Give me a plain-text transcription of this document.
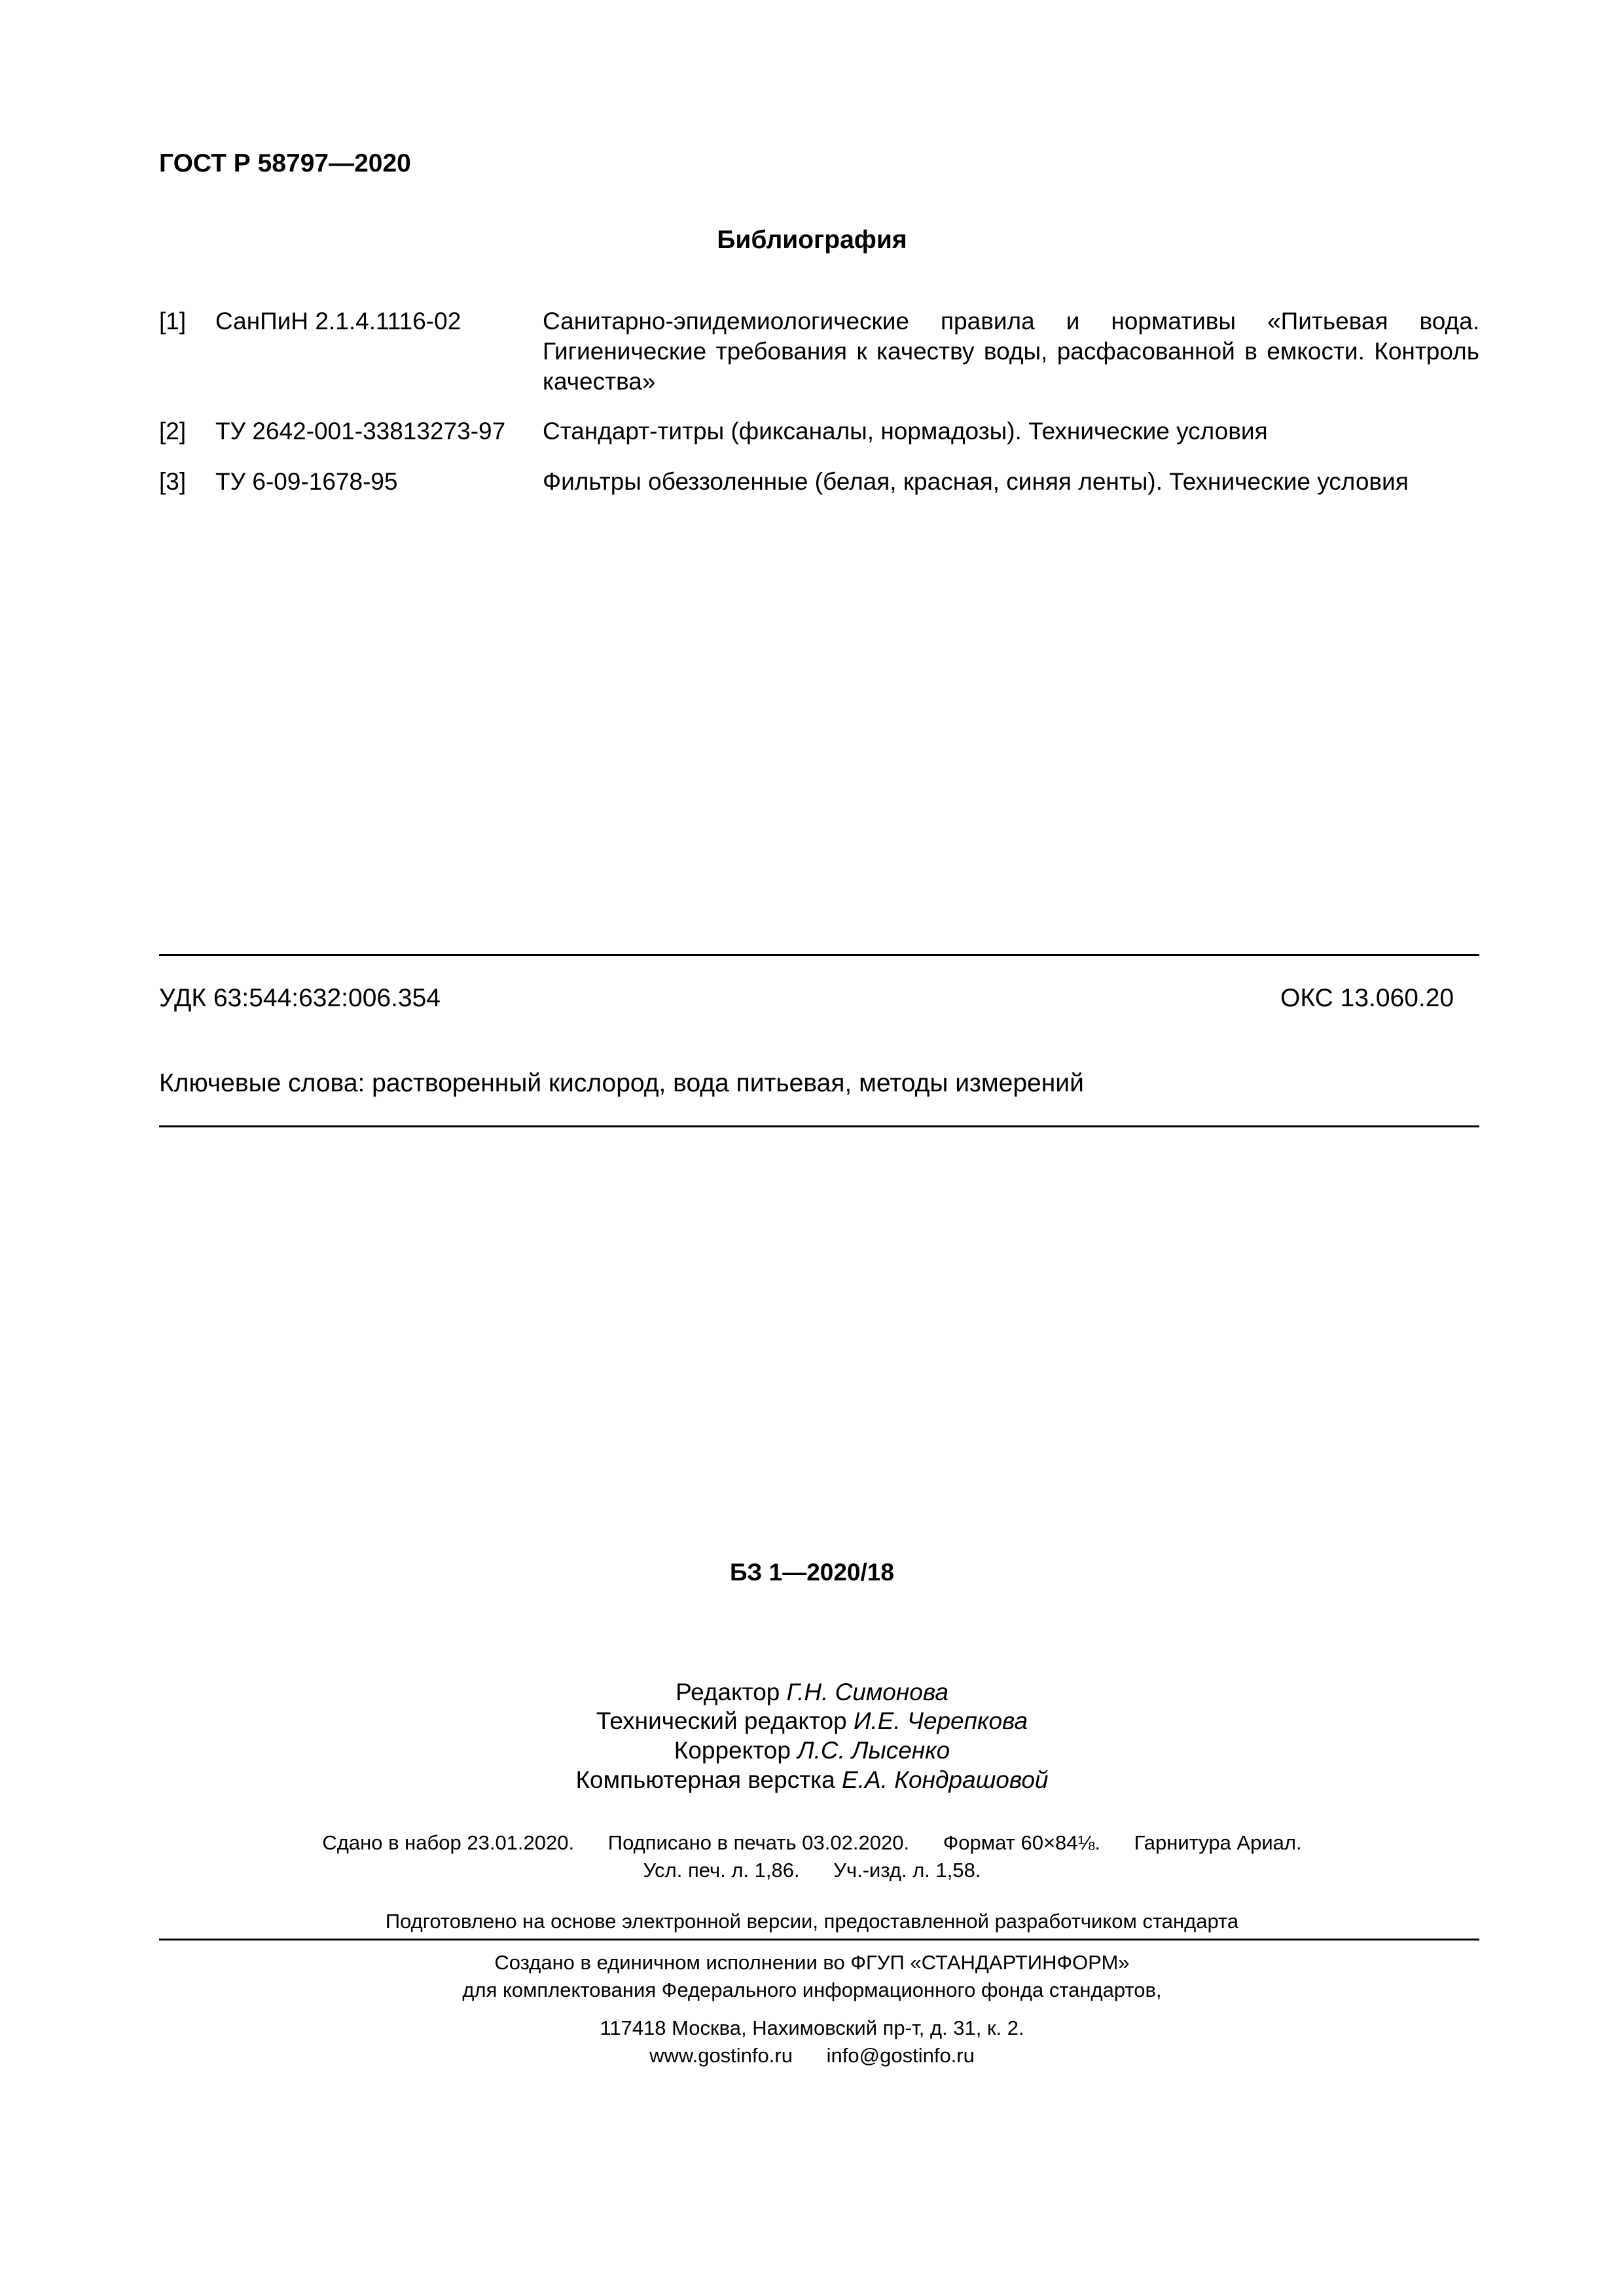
ГОСТ Р 58797—2020
Библиография
[1] СанПиН 2.1.4.1116-02	Санитарно-эпидемиологические правила и нормативы «Питьевая вода. Гигиенические требования к качеству воды, расфасованной в емкости. Контроль качества»
[2] ТУ 2642-001-33813273-97 Стандарт-титры (фиксаналы, нормадозы). Технические условия
[3] ТУ 6-09-1678-95	Фильтры обеззоленные (белая, красная, синяя ленты). Технические условия
УДК 63:544:632:006.354	ОКС 13.060.20
Ключевые слова: растворенный кислород, вода питьевая, методы измерений
БЗ 1—2020/18
Редактор Г.Н. Симонова
Технический редактор И.Е. Черепкова
Корректор Л.С. Лысенко
Компьютерная верстка Е.А. Кондрашовой
Сдано в набор 23.01.2020.      Подписано в печать 03.02.2020.      Формат 60×84⅛.      Гарнитура Ариал.
Усл. печ. л. 1,86.      Уч.-изд. л. 1,58.
Подготовлено на основе электронной версии, предоставленной разработчиком стандарта
Создано в единичном исполнении во ФГУП «СТАНДАРТИНФОРМ»
для комплектования Федерального информационного фонда стандартов,
117418 Москва, Нахимовский пр-т, д. 31, к. 2.
www.gostinfo.ru info@gostinfo.ru
